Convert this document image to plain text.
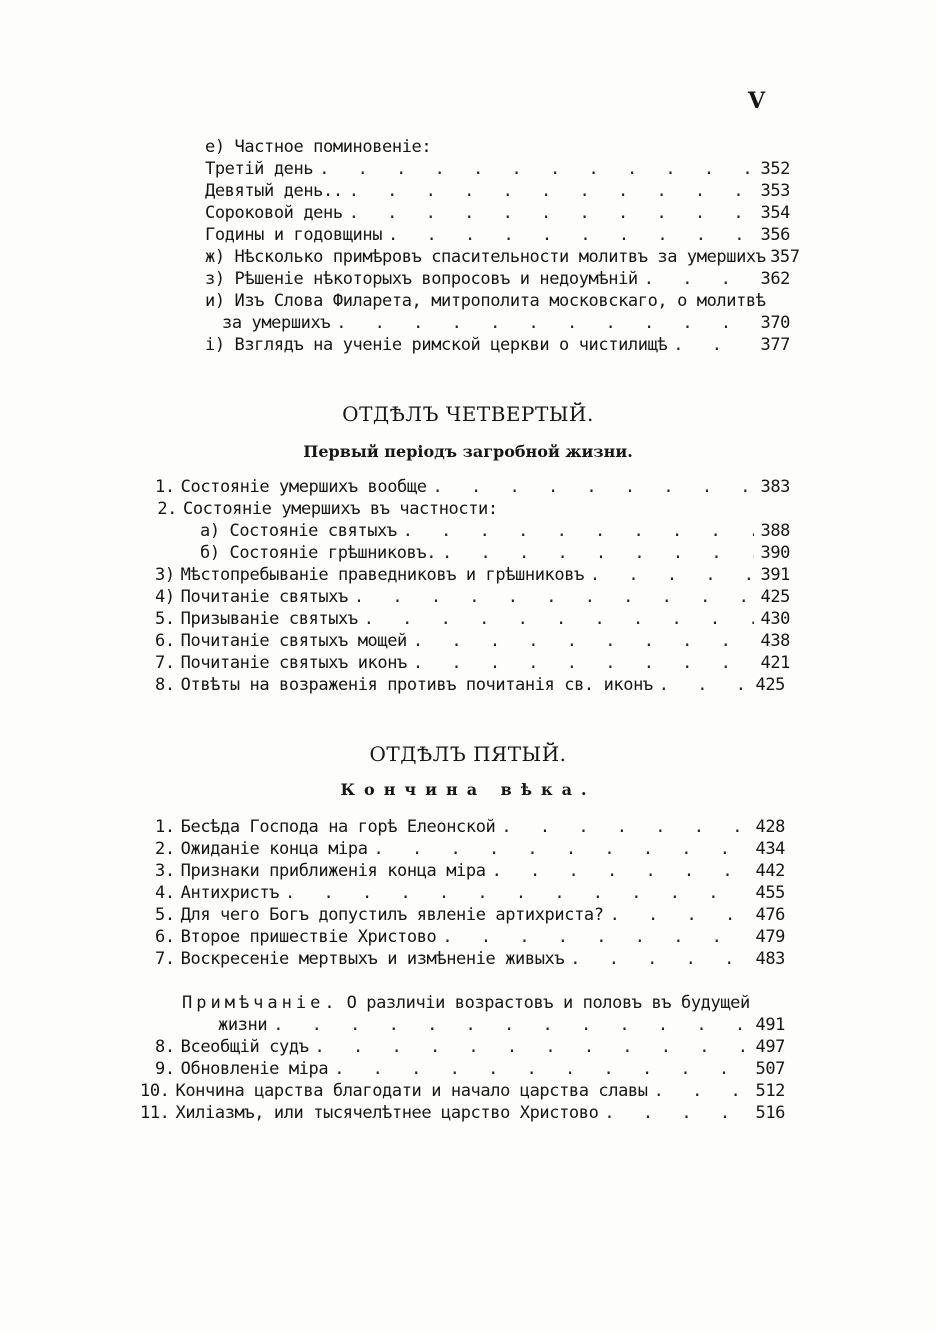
V
е) Частное поминовеніе:
Третій день . . .	352
Девятый день.. . . .	353
Сороковой день . . .	354
Годины и годовщины . . .	356
ж) Нѣсколько примѣровъ спасительности молитвъ за умершихъ 357
з) Рѣшеніе нѣкоторыхъ вопросовъ и недоумѣній . . .	362
и) Изъ Слова Филарета, митрополита московскаго, о молитвѣ
за умершихъ . . .	370
і) Взглядъ на ученіе римской церкви о чистилищѣ . . .	377
ОТДѢЛЪ ЧЕТВЕРТЫЙ.
Первый періодъ загробной жизни.
1. Состояніе умершихъ вообще . . .	383
2. Состояніе умершихъ въ частности:
а) Состояніе святыхъ . . .	388
б) Состояніе грѣшниковъ. . . .	390
3) Мѣстопребываніе праведниковъ и грѣшниковъ . . .	391
4) Почитаніе святыхъ . . .	425
5. Призываніе святыхъ . . .	430
6. Почитаніе святыхъ мощей . . .	438
7. Почитаніе святыхъ иконъ . . .	421
8. Отвѣты на возраженія противъ почитанія св. иконъ . . .	425
ОТДѢЛЪ ПЯТЫЙ.
Кончина вѣка.
1. Бесѣда Господа на горѣ Елеонской . . .	428
2. Ожиданіе конца міра . . .	434
3. Признаки приближенія конца міра . . .	442
4. Антихристъ . . .	455
5. Для чего Богъ допустилъ явленіе артихриста? . . .	476
6. Второе пришествіе Христово . . .	479
7. Воскресеніе мертвыхъ и измѣненіе живыхъ . . .	483
Примѣчаніе. О различіи возрастовъ и половъ въ будущей
жизни . . .	491
8. Всеобщій судъ . . .	497
9. Обновленіе міра . . .	507
10. Кончина царства благодати и начало царства славы . . .	512
11. Хиліазмъ, или тысячелѣтнее царство Христово . . .	516
